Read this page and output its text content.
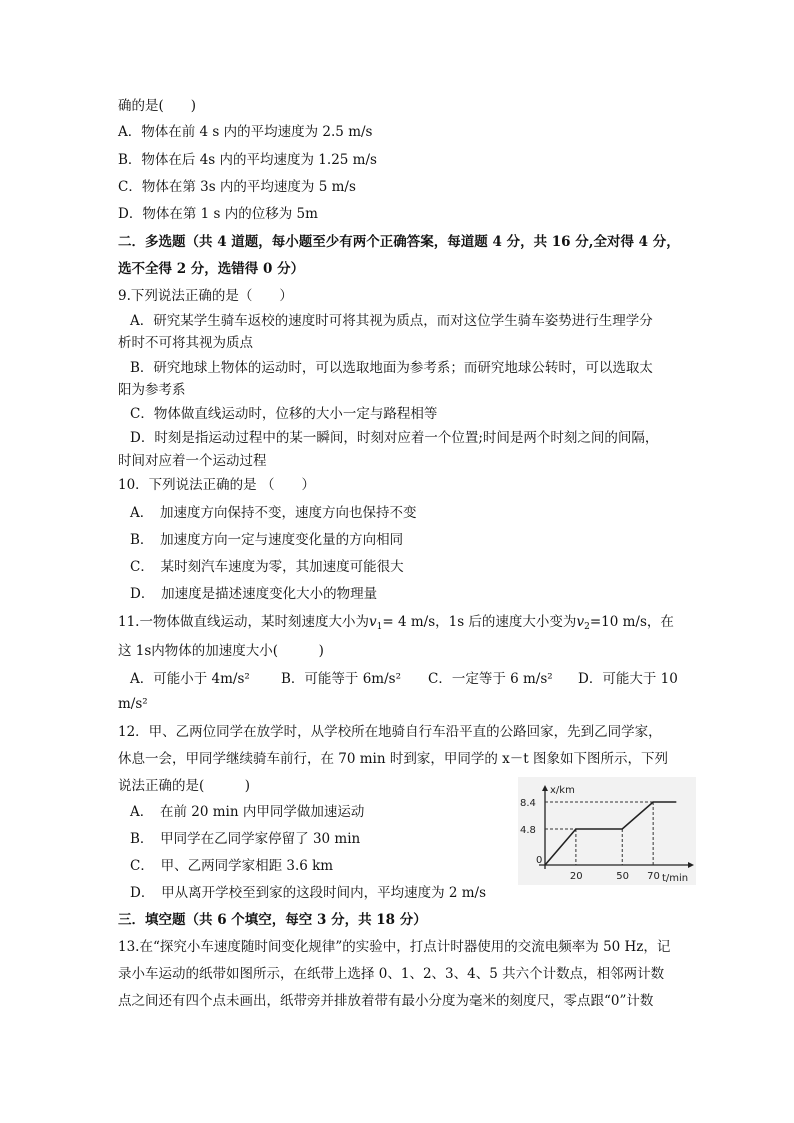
确的是(　　)
A．物体在前 4 s 内的平均速度为 2.5 m/s
B．物体在后 4s 内的平均速度为 1.25 m/s
C．物体在第 3s 内的平均速度为 5 m/s
D．物体在第 1 s 内的位移为 5m
二．多选题（共 4 道题，每小题至少有两个正确答案，每道题 4 分，共 16 分,全对得 4 分，
选不全得 2 分，选错得 0 分）
9.下列说法正确的是（　　）
A．研究某学生骑车返校的速度时可将其视为质点，而对这位学生骑车姿势进行生理学分
析时不可将其视为质点
B．研究地球上物体的运动时，可以选取地面为参考系；而研究地球公转时，可以选取太
阳为参考系
C．物体做直线运动时，位移的大小一定与路程相等
D．时刻是指运动过程中的某一瞬间，时刻对应着一个位置;时间是两个时刻之间的间隔，
时间对应着一个运动过程
10．下列说法正确的是 （　　）
A．　加速度方向保持不变，速度方向也保持不变
B．　加速度方向一定与速度变化量的方向相同
C．　某时刻汽车速度为零，其加速度可能很大
D．　加速度是描述速度变化大小的物理量
11.一物体做直线运动，某时刻速度大小为$v_1= 4$ m/s，1s 后的速度大小变为$v_2=10$ m/s，在
这 1s内物体的加速度大小(　　　)
A．可能小于 4m/s² B．可能等于 6m/s² C．一定等于 6 m/s² D．可能大于 10
m/s²
12．甲、乙两位同学在放学时，从学校所在地骑自行车沿平直的公路回家，先到乙同学家，
休息一会，甲同学继续骑车前行，在 70 min 时到家，甲同学的 x－t 图象如下图所示，下列
说法正确的是(　　　)
A．　在前 20 min 内甲同学做加速运动
B．　甲同学在乙同学家停留了 30 min
C．　甲、乙两同学家相距 3.6 km
D．　甲从离开学校至到家的这段时间内，平均速度为 2 m/s
x/km
t/min
0
20	50 70
4.8
8.4
三．填空题（共 6 个填空，每空 3 分，共 18 分）
13.在“探究小车速度随时间变化规律”的实验中，打点计时器使用的交流电频率为 50 Hz，记
录小车运动的纸带如图所示，在纸带上选择 0、1、2、3、4、5 共六个计数点，相邻两计数
点之间还有四个点未画出，纸带旁并排放着带有最小分度为毫米的刻度尺，零点跟“0”计数
